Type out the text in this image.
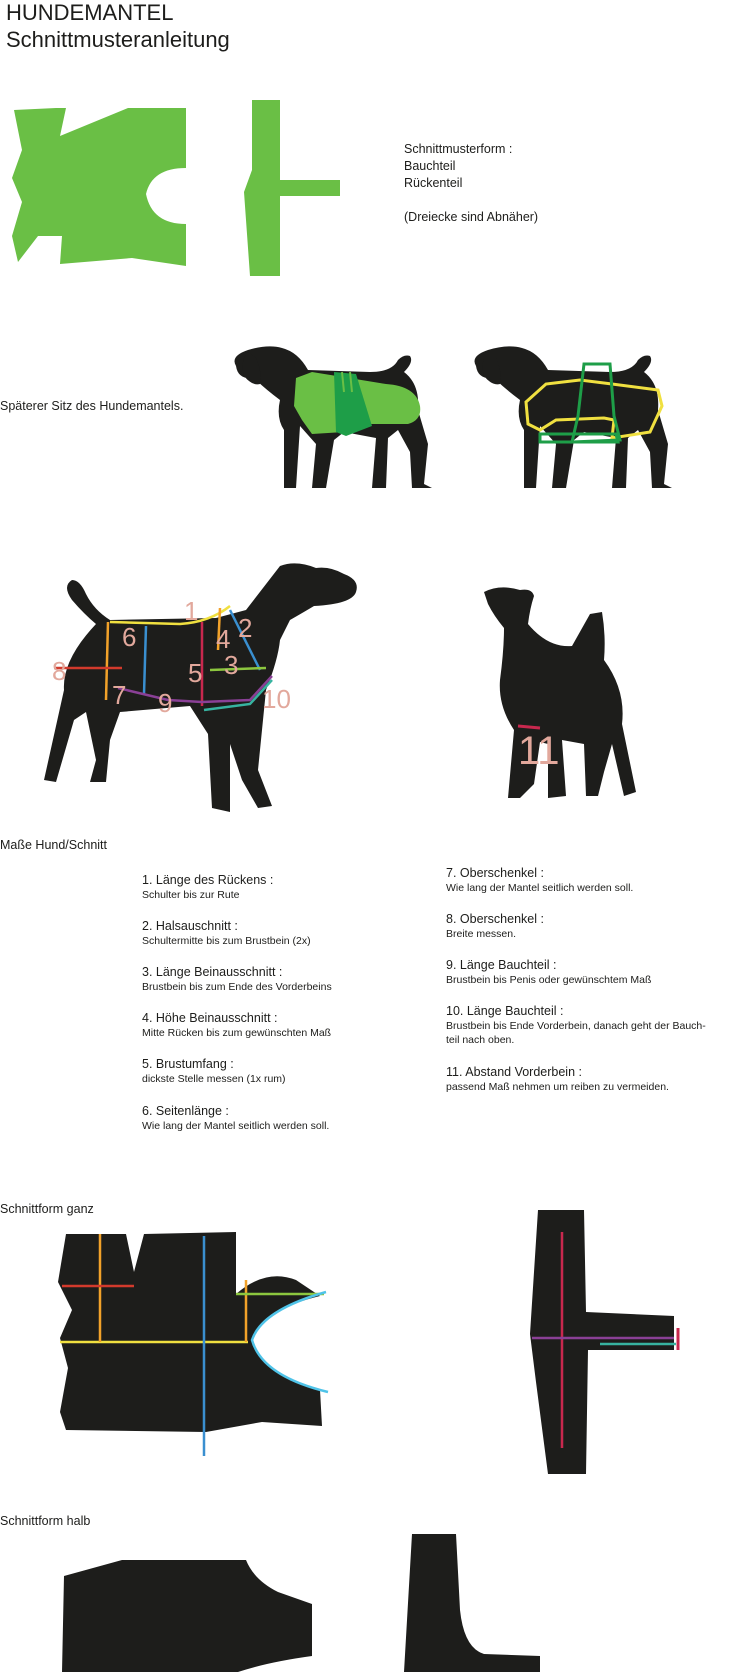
HUNDEMANTEL
Schnittmusteranleitung
Schnittmusterform :
Bauchteil
Rückenteil
(Dreiecke sind Abnäher)
Späterer Sitz des Hundemantels.
1
2
3
4
5
6
7
8
9	10
11
Maße Hund/Schnitt
1. Länge des Rückens :
Schulter bis zur Rute
2. Halsauschnitt :
Schultermitte bis zum Brustbein (2x)
3. Länge Beinausschnitt :
Brustbein bis zum Ende des Vorderbeins
4. Höhe Beinausschnitt :
Mitte Rücken bis zum gewünschten Maß
5. Brustumfang :
dickste Stelle messen (1x rum)
6. Seitenlänge :
Wie lang der Mantel seitlich werden soll.
7. Oberschenkel :
Wie lang der Mantel seitlich werden soll.
8. Oberschenkel :
Breite messen.
9. Länge Bauchteil :
Brustbein bis Penis oder gewünschtem Maß
10. Länge Bauchteil :
Brustbein bis Ende Vorderbein, danach geht der Bauch-
teil nach oben.
11. Abstand Vorderbein :
passend Maß nehmen um reiben zu vermeiden.
Schnittform ganz
Schnittform halb
